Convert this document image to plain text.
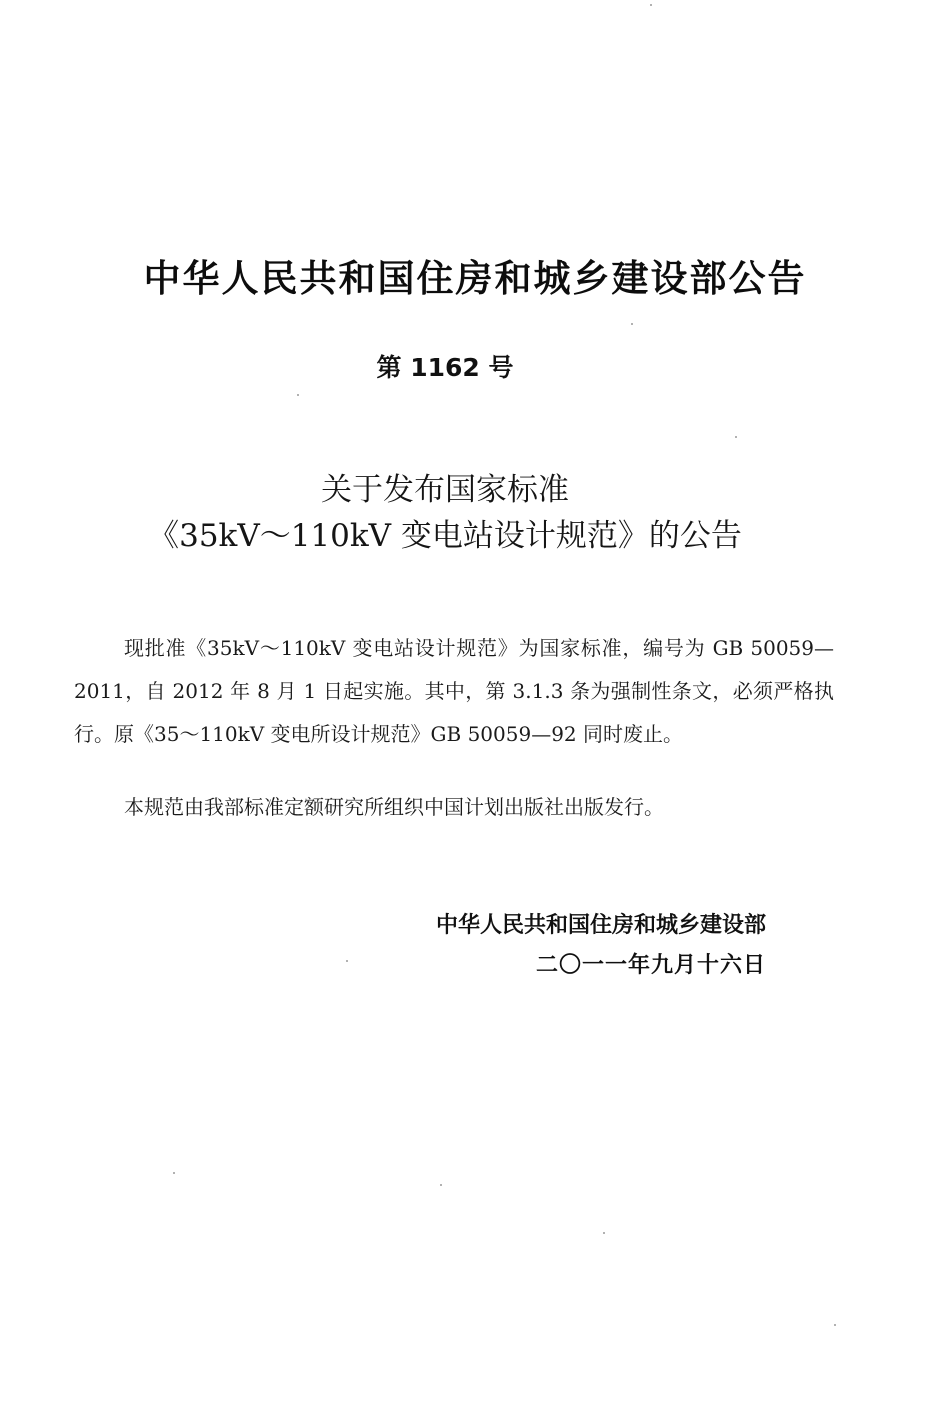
中华人民共和国住房和城乡建设部公告
第 1162 号
关于发布国家标准
《35kV～110kV 变电站设计规范》的公告

现批准《35kV～110kV 变电站设计规范》为国家标准，编号为 GB 50059—2011，自 2012 年 8 月 1 日起实施。其中，第 3.1.3 条为强制性条文，必须严格执行。原《35～110kV 变电所设计规范》GB 50059—92 同时废止。

本规范由我部标准定额研究所组织中国计划出版社出版发行。

中华人民共和国住房和城乡建设部
二〇一一年九月十六日
